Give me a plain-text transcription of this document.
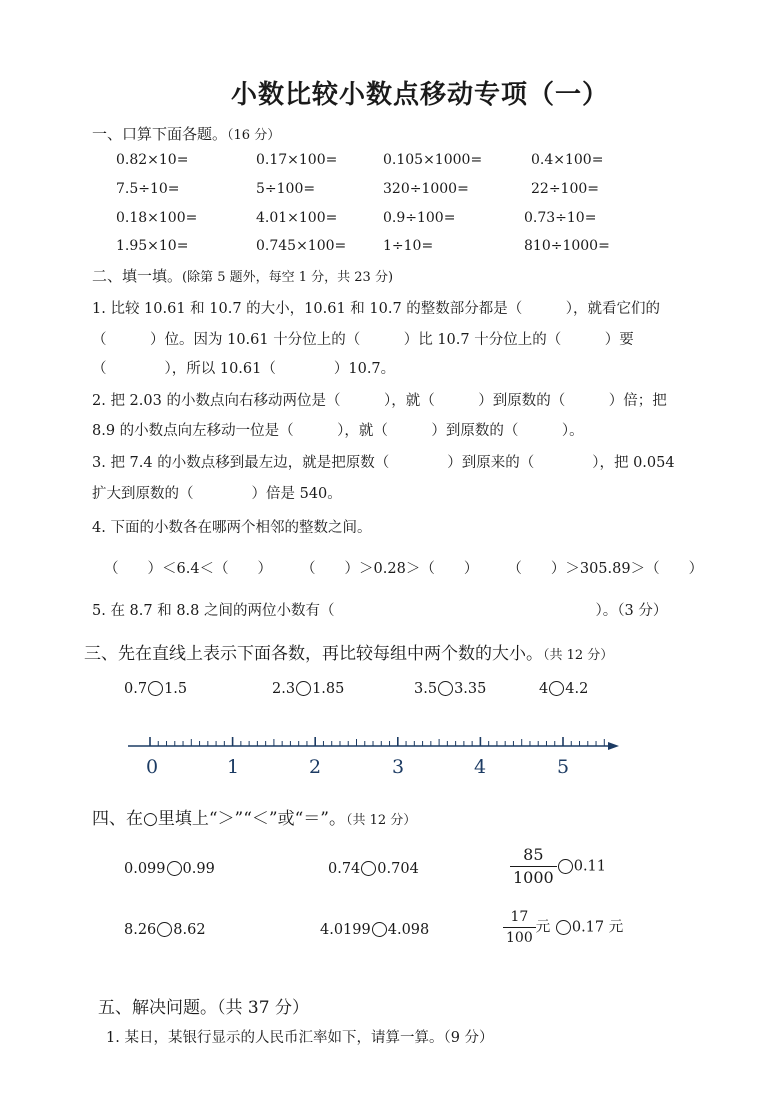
小数比较小数点移动专项（一）
一、口算下面各题。（16 分）
0.82×10=	0.17×100=	0.105×1000=	0.4×100=
7.5÷10=	5÷100=	320÷1000=	22÷100=
0.18×100=	4.01×100=	0.9÷100=	0.73÷10=
1.95×10=	0.745×100=	1÷10=	810÷1000=
二、填一填。(除第 5 题外，每空 1 分，共 23 分)
1. 比较 10.61 和 10.7 的大小，10.61 和 10.7 的整数部分都是（　　　），就看它们的
（　　　）位。因为 10.61 十分位上的（　　　）比 10.7 十分位上的（　　　）要
（　　　　），所以 10.61（　　　　）10.7。
2. 把 2.03 的小数点向右移动两位是（　　　），就（　　　）到原数的（　　　）倍；把
8.9 的小数点向左移动一位是（　　　），就（　　　）到原数的（　　　）。
3. 把 7.4 的小数点移到最左边，就是把原数（　　　　）到原来的（　　　　），把 0.054
扩大到原数的（　　　　）倍是 540。
4. 下面的小数各在哪两个相邻的整数之间。
（　　）＜6.4＜（　　）　　　（　　）＞0.28＞（　　）　　　（　　）＞305.89＞（　　）
5. 在 8.7 和 8.8 之间的两位小数有（　　　　　　　　　　　　　　　　　　）。（3 分）
三、先在直线上表示下面各数，再比较每组中两个数的大小。（共 12 分）
0.7 1.5	2.3 1.85	3.5 3.35	4 4.2
0	1	2	3	4	5
四、在○里填上“＞”“＜”或“＝”。（共 12 分）
0.099 0.99	0.74 0.704	$\frac{85}{1000} 0.11$
8.26 8.62	4.0199 4.098	$\frac{17}{100}$ 元 0.17 元
五、解决问题。（共 37 分）
1. 某日，某银行显示的人民币汇率如下，请算一算。（9 分）
